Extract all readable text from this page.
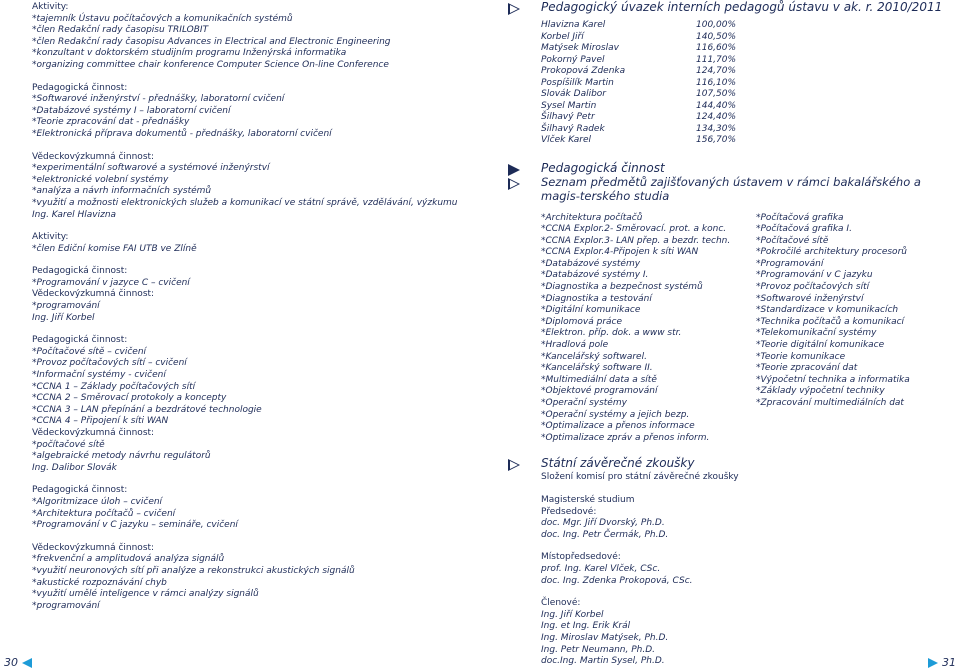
Aktivity:
*tajemník Ústavu počítačových a komunikačních systémů
*člen Redakční rady časopisu TRILOBIT
*člen Redakční rady časopisu Advances in Electrical and Electronic Engineering
*konzultant v doktorském studijním programu Inženýrská informatika
*organizing committee chair konference Computer Science On-line Conference
Pedagogická činnost:
*Softwarové inženýrství - přednášky, laboratorní cvičení
*Databázové systémy I – laboratorní cvičení
*Teorie zpracování dat - přednášky
*Elektronická příprava dokumentů - přednášky, laboratorní cvičení
Vědeckovýzkumná činnost:
*experimentální softwarové a systémové inženýrství
*elektronické volební systémy
*analýza a návrh informačních systémů
*využití a možnosti elektronických služeb a komunikací ve státní správě, vzdělávání, výzkumu
Ing. Karel Hlavizna
Aktivity:
*člen Ediční komise FAI UTB ve Zlíně
Pedagogická činnost:
*Programování v jazyce C – cvičení
Vědeckovýzkumná činnost:
*programování
Ing. Jiří Korbel
Pedagogická činnost:
*Počítačové sítě – cvičení
*Provoz počítačových sítí – cvičení
*Informační systémy - cvičení
*CCNA 1 – Základy počítačových sítí
*CCNA 2 – Směrovací protokoly a koncepty
*CCNA 3 – LAN přepínání a bezdrátové technologie
*CCNA 4 – Připojení k síti WAN
Vědeckovýzkumná činnost:
*počítačové sítě
*algebraické metody návrhu regulátorů
Ing. Dalibor Slovák
Pedagogická činnost:
*Algoritmizace úloh – cvičení
*Architektura počítačů – cvičení
*Programování v C jazyku – semináře, cvičení
Vědeckovýzkumná činnost:
*frekvenční a amplitudová analýza signálů
*využití neuronových sítí při analýze a rekonstrukci akustických signálů
*akustické rozpoznávání chyb
*využití umělé inteligence v rámci analýzy signálů
*programování
Pedagogický úvazek interních pedagogů ústavu v ak. r. 2010/2011
Hlavizna Karel	100,00%
Korbel Jiří	140,50%
Matýsek Miroslav	116,60%
Pokorný Pavel	111,70%
Prokopová Zdenka	124,70%
Pospíšilík Martin	116,10%
Slovák Dalibor	107,50%
Sysel Martin	144,40%
Šilhavý Petr	124,40%
Šilhavý Radek	134,30%
Vlček Karel	156,70%
Pedagogická činnost
Seznam předmětů zajišťovaných ústavem v rámci bakalářského a magis-terského studia
*Architektura počítačů
*CCNA Explor.2- Směrovací. prot. a konc.
*CCNA Explor.3- LAN přep. a bezdr. techn.
*CCNA Explor.4-Připojen k síti WAN
*Databázové systémy
*Databázové systémy I.
*Diagnostika a bezpečnost systémů
*Diagnostika a testování
*Digitální komunikace
*Diplomová práce
*Elektron. příp. dok. a www str.
*Hradlová pole
*Kancelářský softwarel.
*Kancelářský software II.
*Multimediální data a sítě
*Objektové programování
*Operační systémy
*Operační systémy a jejich bezp.
*Optimalizace a přenos informace
*Optimalizace zpráv a přenos inform.
*Počítačová grafika
*Počítačová grafika I.
*Počítačové sítě
*Pokročilé architektury procesorů
*Programování
*Programování v C jazyku
*Provoz počítačových sítí
*Softwarové inženýrství
*Standardizace v komunikacích
*Technika počítačů a komunikací
*Telekomunikační systémy
*Teorie digitální komunikace
*Teorie komunikace
*Teorie zpracování dat
*Výpočetní technika a informatika
*Základy výpočetní techniky
*Zpracování multimediálních dat
Státní závěrečné zkoušky
Složení komisí pro státní závěrečné zkoušky
Magisterské studium
Předsedové:
doc. Mgr. Jiří Dvorský, Ph.D.
doc. Ing. Petr Čermák, Ph.D.
Místopředsedové:
prof. Ing. Karel Vlček, CSc.
doc. Ing. Zdenka Prokopová, CSc.
Členové:
Ing. Jiří Korbel
Ing. et Ing. Erik Král
Ing. Miroslav Matýsek, Ph.D.
Ing. Petr Neumann, Ph.D.
doc.Ing. Martin Sysel, Ph.D.
30	31
